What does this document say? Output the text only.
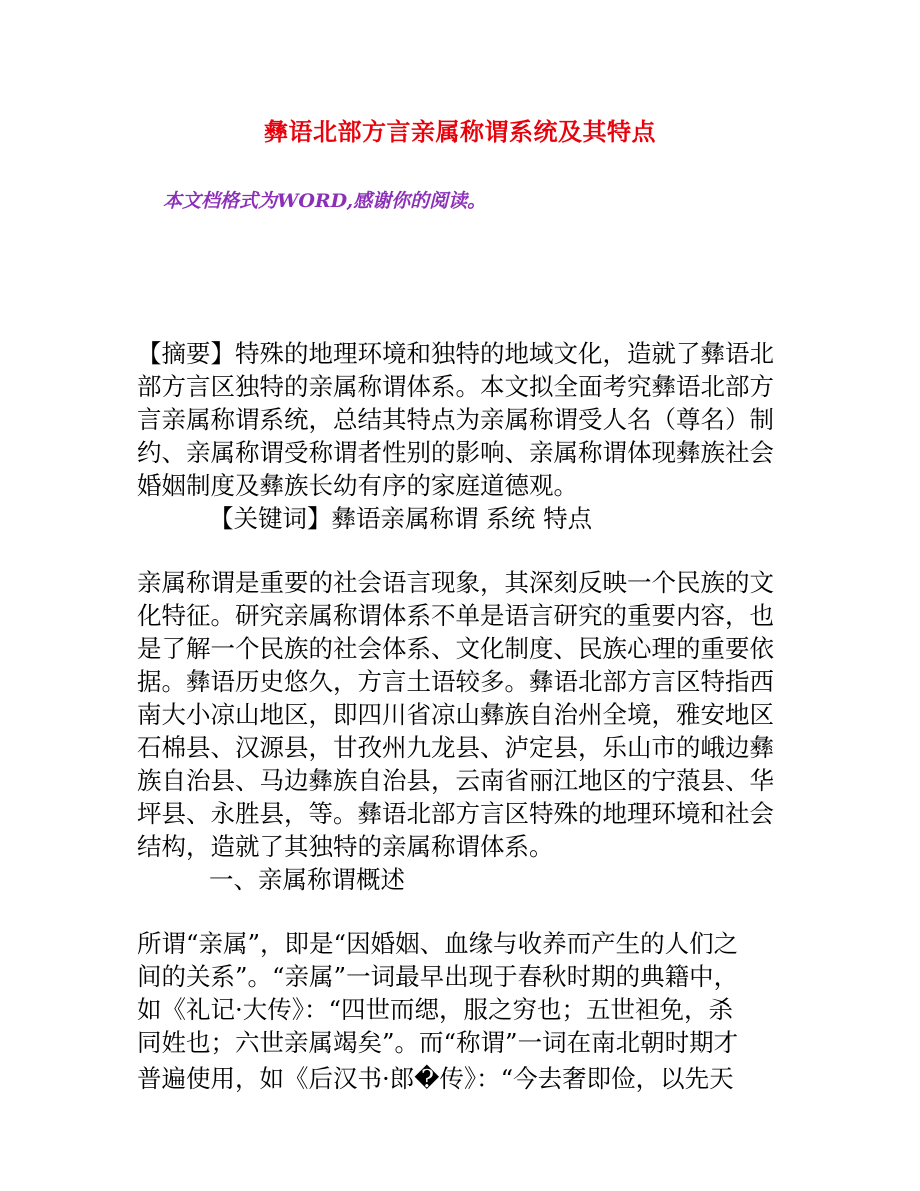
彝语北部方言亲属称谓系统及其特点
本文档格式为WORD,感谢你的阅读。
【摘要】特殊的地理环境和独特的地域文化，造就了彝语北
部方言区独特的亲属称谓体系。本文拟全面考究彝语北部方
言亲属称谓系统，总结其特点为亲属称谓受人名（尊名）制
约、亲属称谓受称谓者性别的影响、亲属称谓体现彝族社会
婚姻制度及彝族长幼有序的家庭道德观。
【关键词】彝语亲属称谓 系统 特点
亲属称谓是重要的社会语言现象，其深刻反映一个民族的文
化特征。研究亲属称谓体系不单是语言研究的重要内容，也
是了解一个民族的社会体系、文化制度、民族心理的重要依
据。彝语历史悠久，方言土语较多。彝语北部方言区特指西
南大小凉山地区，即四川省凉山彝族自治州全境，雅安地区
石棉县、汉源县，甘孜州九龙县、泸定县，乐山市的峨边彝
族自治县、马边彝族自治县，云南省丽江地区的宁蒗县、华
坪县、永胜县，等。彝语北部方言区特殊的地理环境和社会
结构，造就了其独特的亲属称谓体系。
一、亲属称谓概述
所谓“亲属”，即是“因婚姻、血缘与收养而产生的人们之
间的关系”。“亲属”一词最早出现于春秋时期的典籍中，
如《礼记·大传》：“四世而缌，服之穷也；五世袒免，杀
同姓也；六世亲属竭矣”。而“称谓”一词在南北朝时期才
普遍使用，如《后汉书·郎�传》：“今去奢即俭，以先天
